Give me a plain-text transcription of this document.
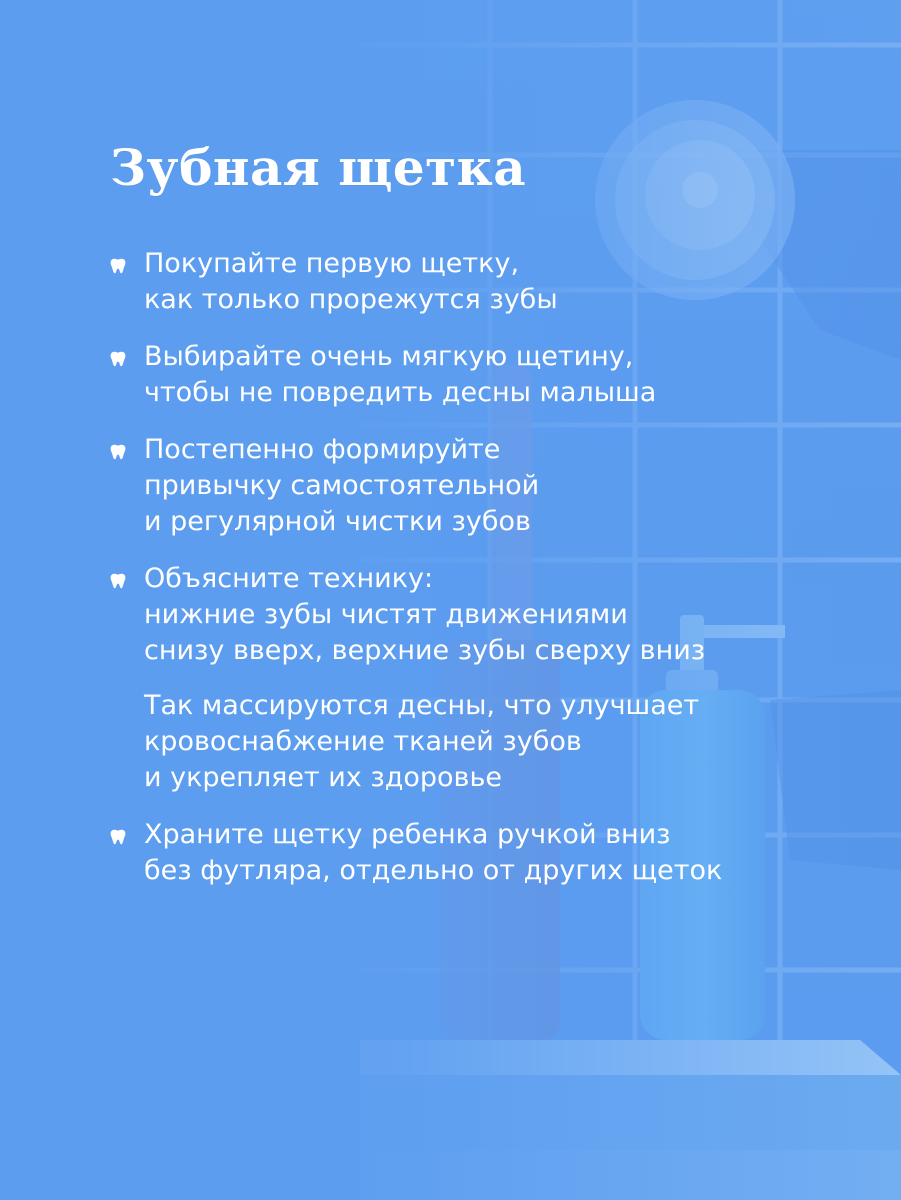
Зубная щетка

Покупайте первую щетку,
как только прорежутся зубы

Выбирайте очень мягкую щетину,
чтобы не повредить десны малыша

Постепенно формируйте
привычку самостоятельной
и регулярной чистки зубов

Объясните технику:
нижние зубы чистят движениями
снизу вверх, верхние зубы сверху вниз

Так массируются десны, что улучшает
кровоснабжение тканей зубов
и укрепляет их здоровье

Храните щетку ребенка ручкой вниз
без футляра, отдельно от других щеток
